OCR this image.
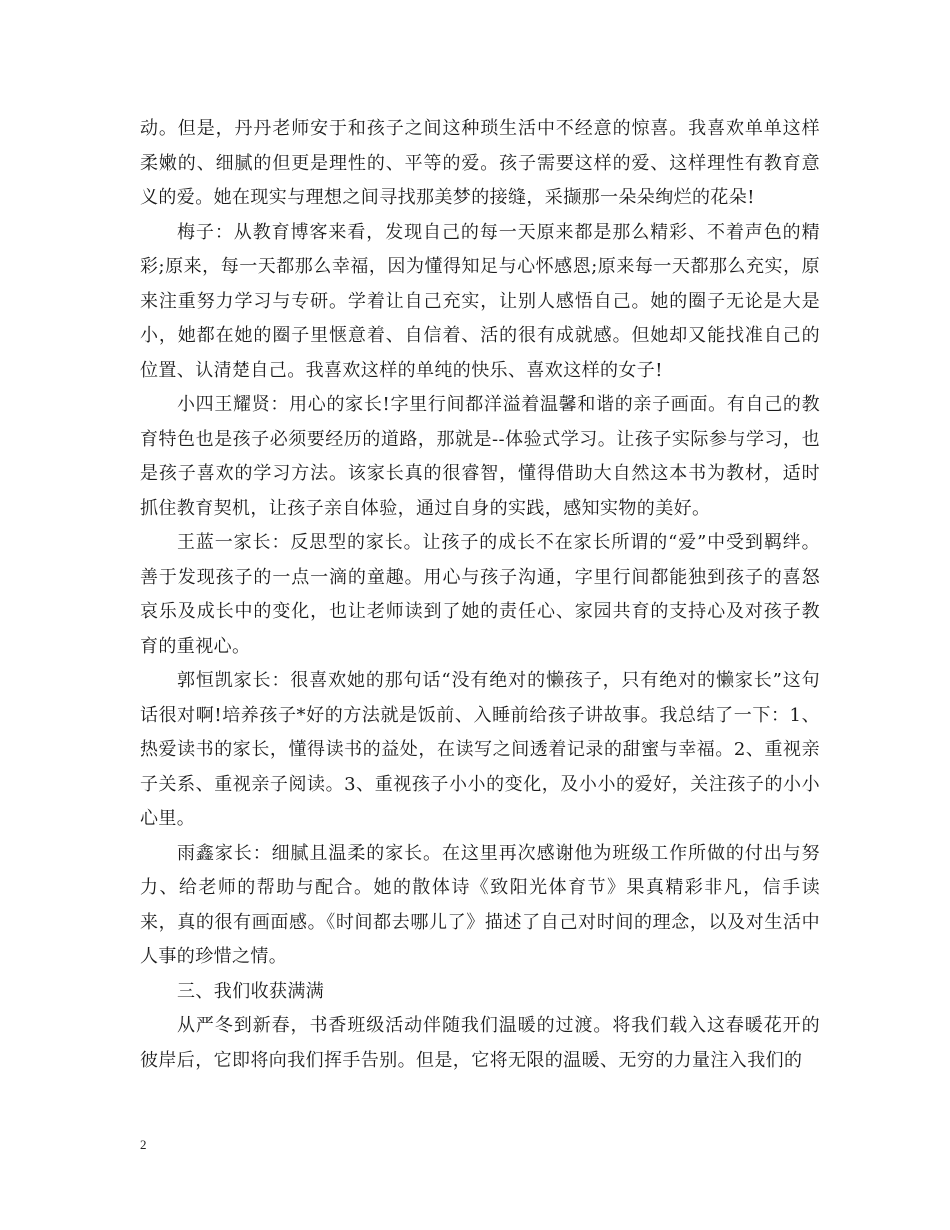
动。但是，丹丹老师安于和孩子之间这种琐生活中不经意的惊喜。我喜欢单单这样柔嫩的、细腻的但更是理性的、平等的爱。孩子需要这样的爱、这样理性有教育意义的爱。她在现实与理想之间寻找那美梦的接缝，采撷那一朵朵绚烂的花朵!

梅子：从教育博客来看，发现自己的每一天原来都是那么精彩、不着声色的精彩;原来，每一天都那么幸福，因为懂得知足与心怀感恩;原来每一天都那么充实，原来注重努力学习与专研。学着让自己充实，让别人感悟自己。她的圈子无论是大是小，她都在她的圈子里惬意着、自信着、活的很有成就感。但她却又能找准自己的位置、认清楚自己。我喜欢这样的单纯的快乐、喜欢这样的女子!

小四王耀贤：用心的家长!字里行间都洋溢着温馨和谐的亲子画面。有自己的教育特色也是孩子必须要经历的道路，那就是--体验式学习。让孩子实际参与学习，也是孩子喜欢的学习方法。该家长真的很睿智，懂得借助大自然这本书为教材，适时抓住教育契机，让孩子亲自体验，通过自身的实践，感知实物的美好。

王蓝一家长：反思型的家长。让孩子的成长不在家长所谓的“爱”中受到羁绊。善于发现孩子的一点一滴的童趣。用心与孩子沟通，字里行间都能独到孩子的喜怒哀乐及成长中的变化，也让老师读到了她的责任心、家园共育的支持心及对孩子教育的重视心。

郭恒凯家长：很喜欢她的那句话“没有绝对的懒孩子，只有绝对的懒家长”这句话很对啊!培养孩子*好的方法就是饭前、入睡前给孩子讲故事。我总结了一下：1、热爱读书的家长，懂得读书的益处，在读写之间透着记录的甜蜜与幸福。2、重视亲子关系、重视亲子阅读。3、重视孩子小小的变化，及小小的爱好，关注孩子的小小心里。

雨鑫家长：细腻且温柔的家长。在这里再次感谢他为班级工作所做的付出与努力、给老师的帮助与配合。她的散体诗《致阳光体育节》果真精彩非凡，信手读来，真的很有画面感。《时间都去哪儿了》描述了自己对时间的理念，以及对生活中人事的珍惜之情。

三、我们收获满满

从严冬到新春，书香班级活动伴随我们温暖的过渡。将我们载入这春暖花开的彼岸后，它即将向我们挥手告别。但是，它将无限的温暖、无穷的力量注入我们的

2
